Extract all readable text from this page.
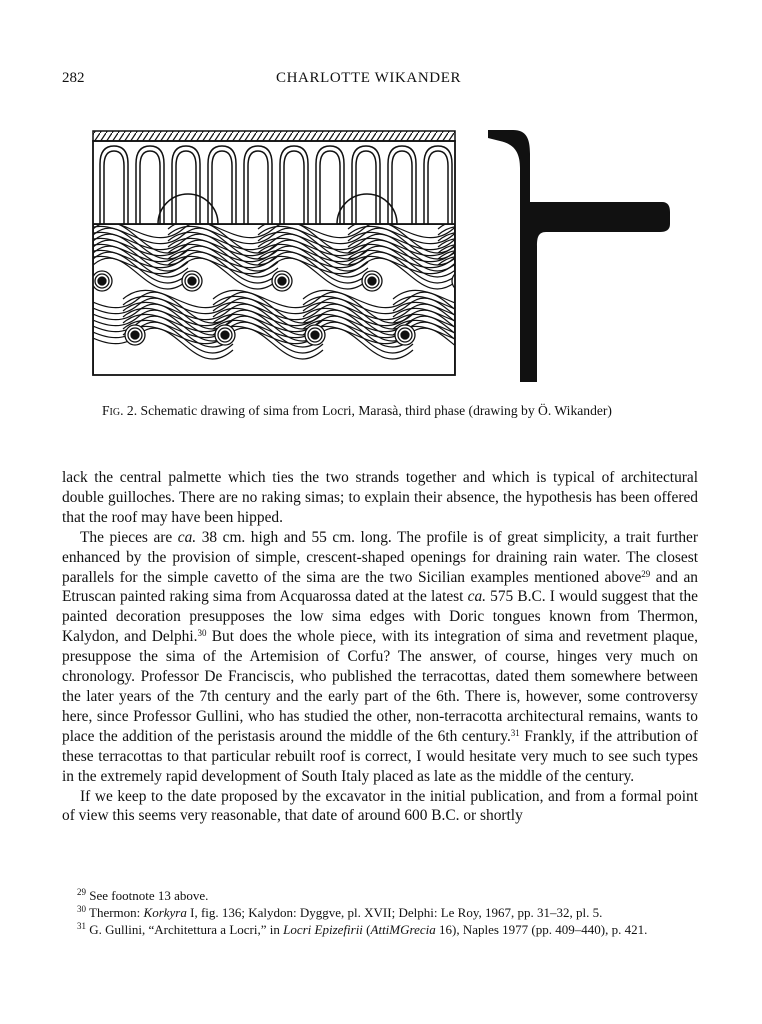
282	CHARLOTTE WIKANDER
Fig. 2. Schematic drawing of sima from Locri, Marasà, third phase (drawing by Ö. Wikander)

lack the central palmette which ties the two strands together and which is typical of architectural double guilloches. There are no raking simas; to explain their absence, the hypothesis has been offered that the roof may have been hipped.

The pieces are ca. 38 cm. high and 55 cm. long. The profile is of great simplicity, a trait further enhanced by the provision of simple, crescent-shaped openings for draining rain water. The closest parallels for the simple cavetto of the sima are the two Sicilian examples mentioned above$^{29}$ and an Etruscan painted raking sima from Acquarossa dated at the latest ca. 575 B.C. I would suggest that the painted decoration presupposes the low sima edges with Doric tongues known from Thermon, Kalydon, and Delphi.$^{30}$ But does the whole piece, with its integration of sima and revetment plaque, presuppose the sima of the Artemision of Corfu? The answer, of course, hinges very much on chronology. Professor De Franciscis, who published the terracottas, dated them somewhere between the later years of the 7th century and the early part of the 6th. There is, however, some controversy here, since Professor Gullini, who has studied the other, non-terracotta architectural remains, wants to place the addition of the peristasis around the middle of the 6th century.$^{31}$ Frankly, if the attribution of these terracottas to that particular rebuilt roof is correct, I would hesitate very much to see such types in the extremely rapid development of South Italy placed as late as the middle of the century.

If we keep to the date proposed by the excavator in the initial publication, and from a formal point of view this seems very reasonable, that date of around 600 B.C. or shortly

$^{29}$ See footnote 13 above.

$^{30}$ Thermon: Korkyra I, fig. 136; Kalydon: Dyggve, pl. XVII; Delphi: Le Roy, 1967, pp. 31–32, pl. 5.

$^{31}$ G. Gullini, “Architettura a Locri,” in Locri Epizefirii (AttiMGrecia 16), Naples 1977 (pp. 409–440), p. 421.
